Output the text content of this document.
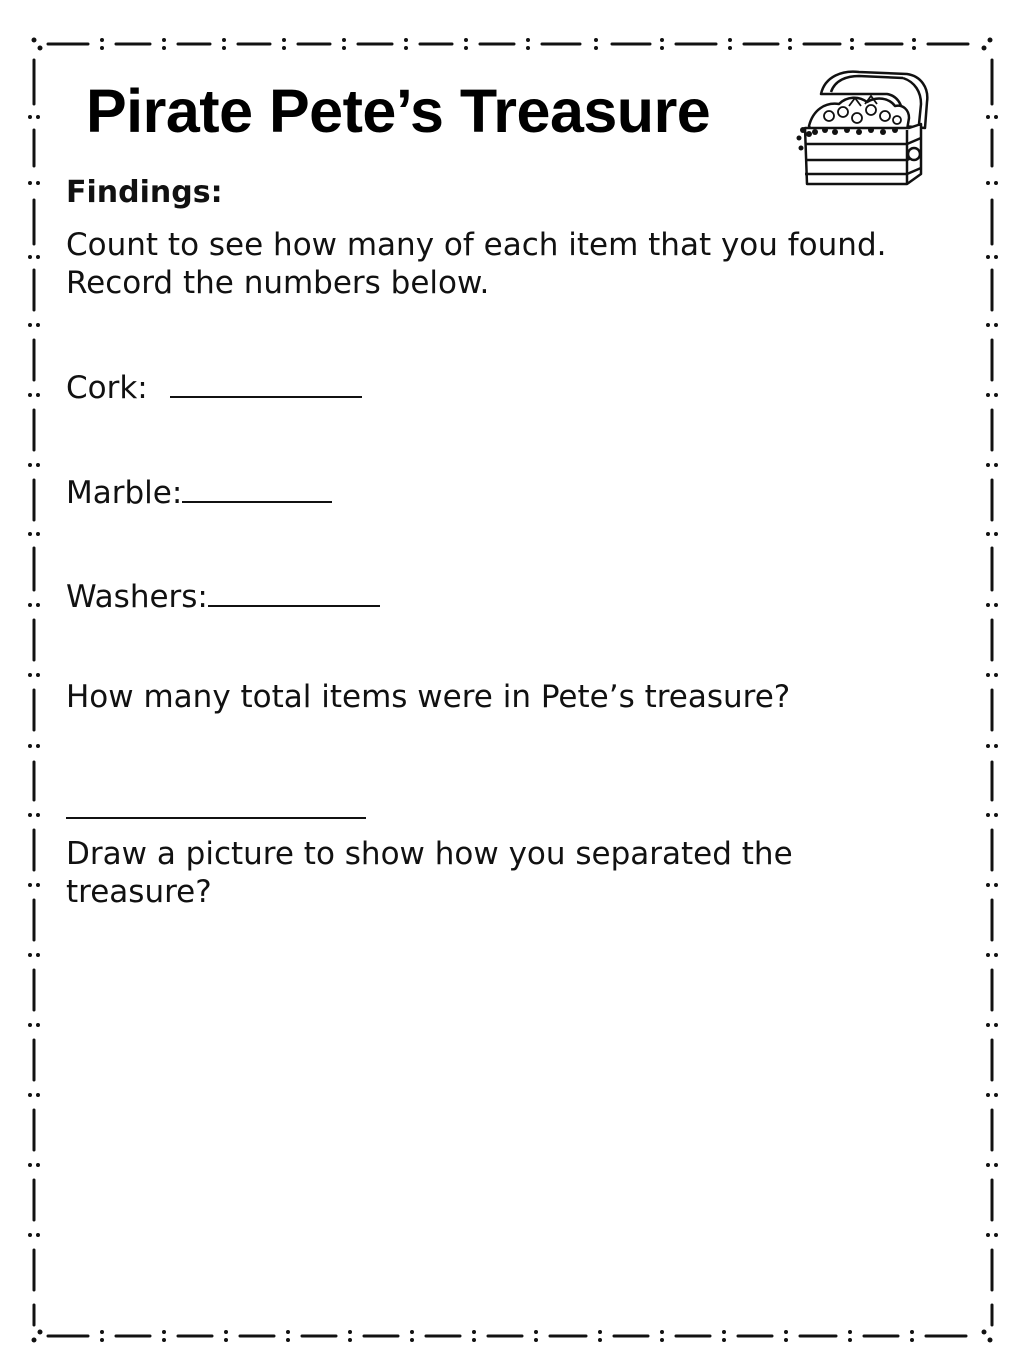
Pirate Pete’s Treasure
Findings:
Count to see how many of each item that you found.
Record the numbers below.
Cork:
Marble:
Washers:
How many total items were in Pete’s treasure?
Draw a picture to show how you separated the
treasure?
